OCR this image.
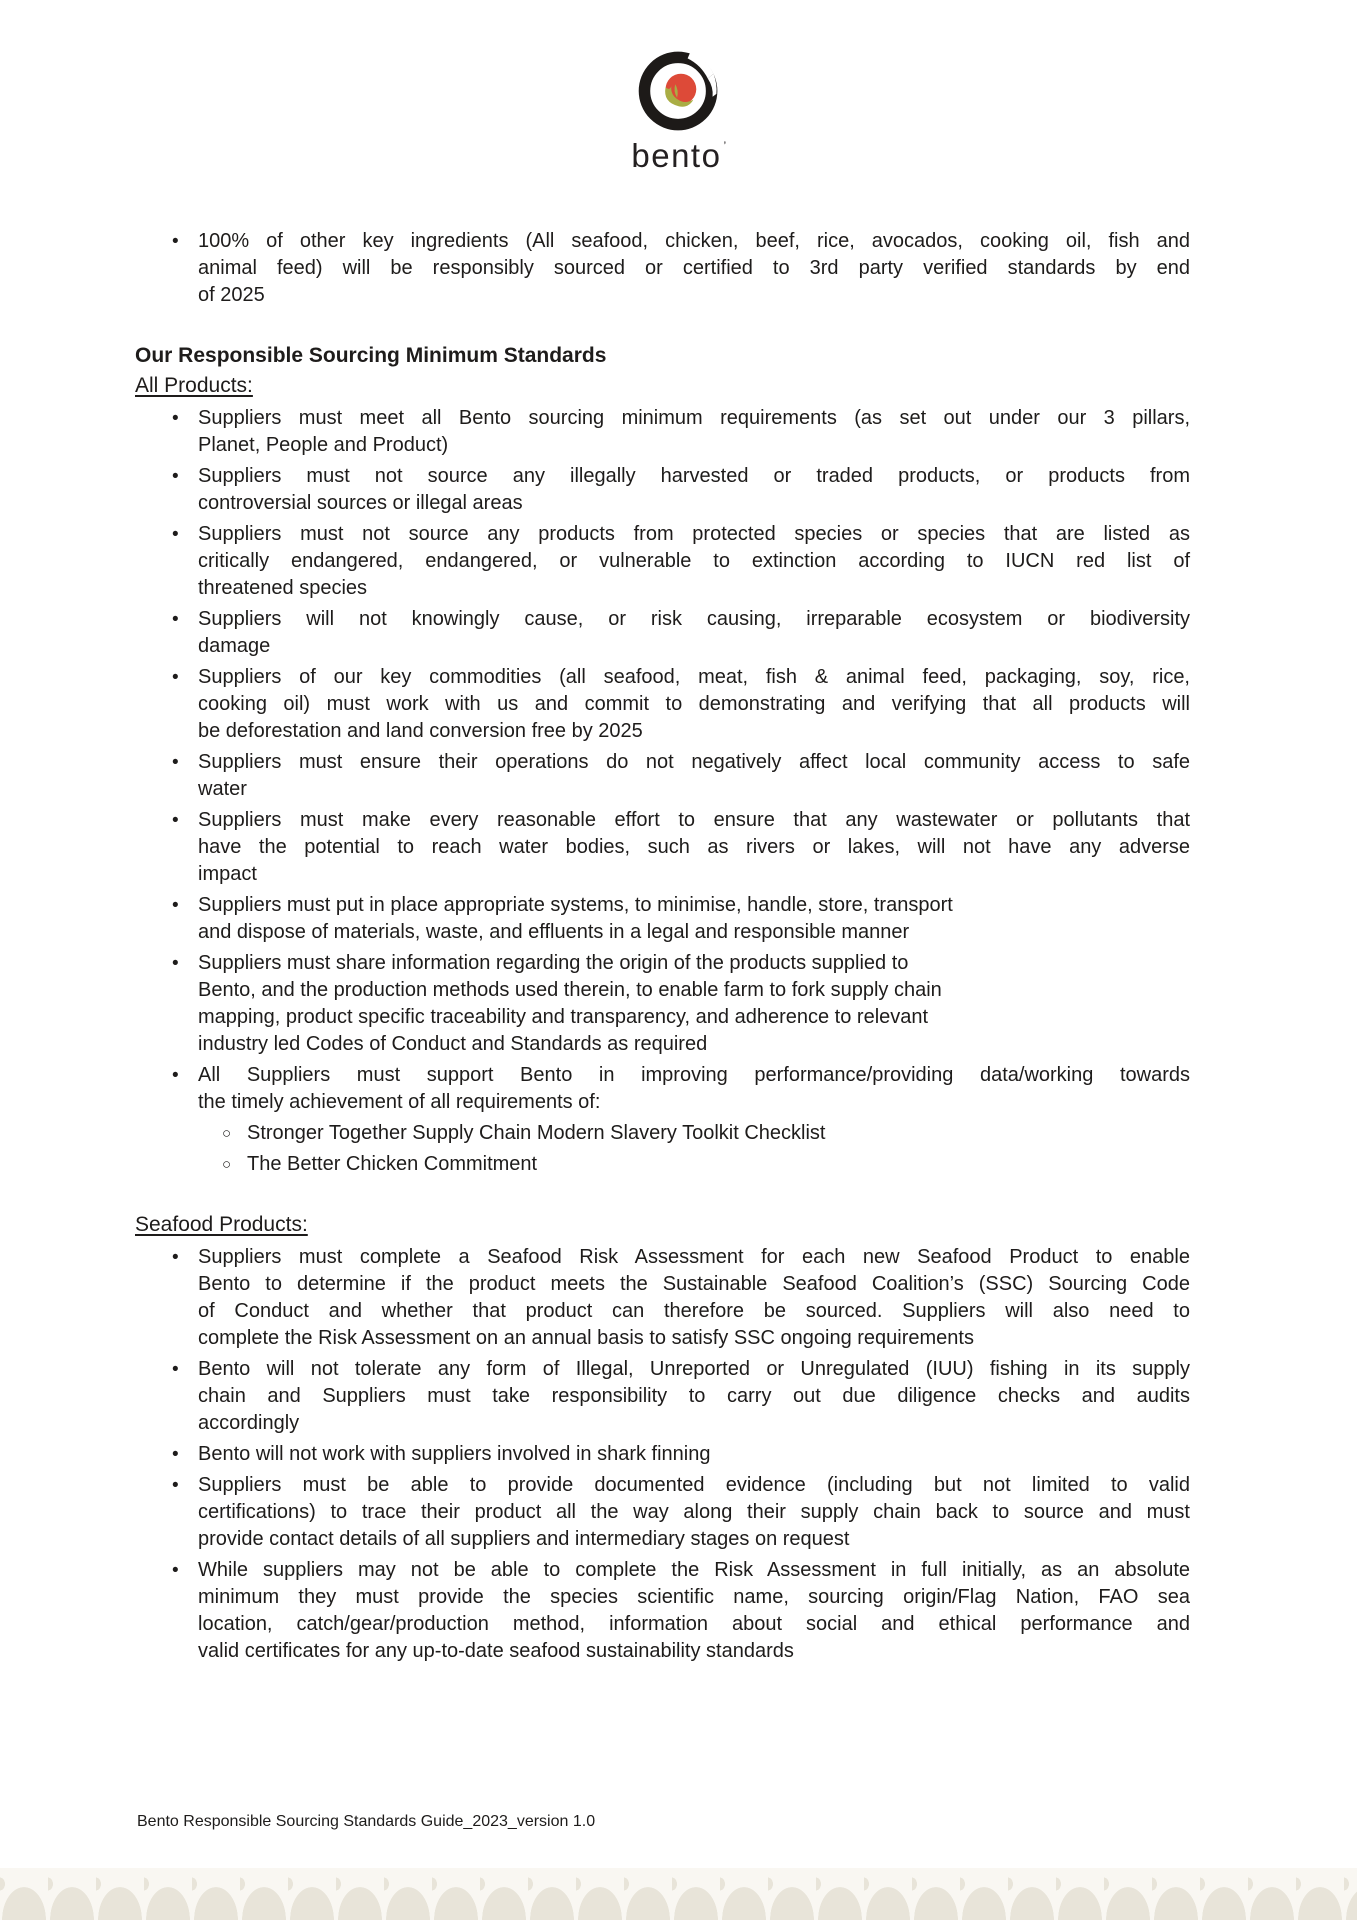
bento ’
• 100% of other key ingredients (All seafood, chicken, beef, rice, avocados, cooking oil, fish and
animal feed) will be responsibly sourced or certified to 3rd party verified standards by end
of 2025
Our Responsible Sourcing Minimum Standards
All Products:
• Suppliers must meet all Bento sourcing minimum requirements (as set out under our 3 pillars,
Planet, People and Product)
• Suppliers must not source any illegally harvested or traded products, or products from
controversial sources or illegal areas
• Suppliers must not source any products from protected species or species that are listed as
critically endangered, endangered, or vulnerable to extinction according to IUCN red list of
threatened species
• Suppliers will not knowingly cause, or risk causing, irreparable ecosystem or biodiversity
damage
• Suppliers of our key commodities (all seafood, meat, fish & animal feed, packaging, soy, rice,
cooking oil) must work with us and commit to demonstrating and verifying that all products will
be deforestation and land conversion free by 2025
• Suppliers must ensure their operations do not negatively affect local community access to safe
water
• Suppliers must make every reasonable effort to ensure that any wastewater or pollutants that
have the potential to reach water bodies, such as rivers or lakes, will not have any adverse
impact
• Suppliers must put in place appropriate systems, to minimise, handle, store, transport
and dispose of materials, waste, and effluents in a legal and responsible manner
• Suppliers must share information regarding the origin of the products supplied to
Bento, and the production methods used therein, to enable farm to fork supply chain
mapping, product specific traceability and transparency, and adherence to relevant
industry led Codes of Conduct and Standards as required
• All Suppliers must support Bento in improving performance/providing data/working towards
the timely achievement of all requirements of:
○ Stronger Together Supply Chain Modern Slavery Toolkit Checklist
○ The Better Chicken Commitment
Seafood Products:
• Suppliers must complete a Seafood Risk Assessment for each new Seafood Product to enable
Bento to determine if the product meets the Sustainable Seafood Coalition’s (SSC) Sourcing Code
of Conduct and whether that product can therefore be sourced. Suppliers will also need to
complete the Risk Assessment on an annual basis to satisfy SSC ongoing requirements
• Bento will not tolerate any form of Illegal, Unreported or Unregulated (IUU) fishing in its supply
chain and Suppliers must take responsibility to carry out due diligence checks and audits
accordingly
• Bento will not work with suppliers involved in shark finning
• Suppliers must be able to provide documented evidence (including but not limited to valid
certifications) to trace their product all the way along their supply chain back to source and must
provide contact details of all suppliers and intermediary stages on request
• While suppliers may not be able to complete the Risk Assessment in full initially, as an absolute
minimum they must provide the species scientific name, sourcing origin/Flag Nation, FAO sea
location, catch/gear/production method, information about social and ethical performance and
valid certificates for any up-to-date seafood sustainability standards
Bento Responsible Sourcing Standards Guide_2023_version 1.0
